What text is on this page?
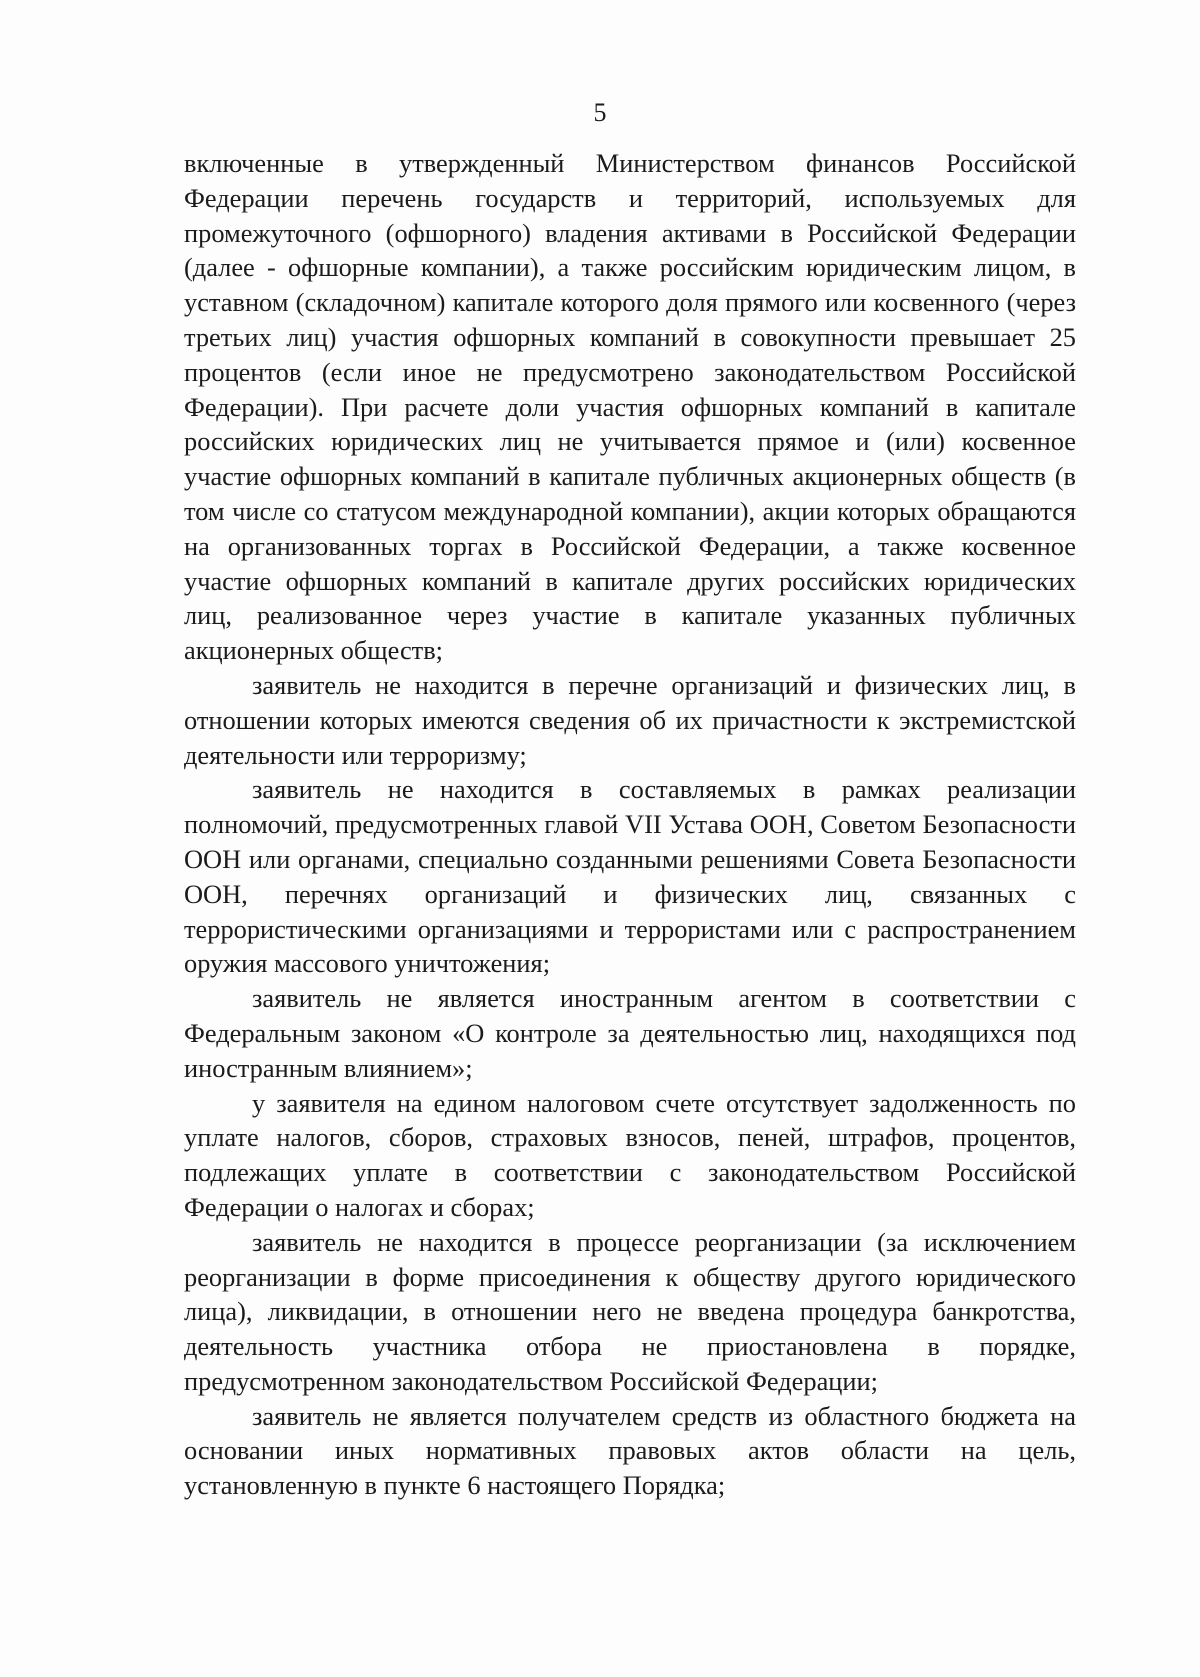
5

включенные в утвержденный Министерством финансов Российской Федерации перечень государств и территорий, используемых для промежуточного (офшорного) владения активами в Российской Федерации (далее - офшорные компании), а также российским юридическим лицом, в уставном (складочном) капитале которого доля прямого или косвенного (через третьих лиц) участия офшорных компаний в совокупности превышает 25 процентов (если иное не предусмотрено законодательством Российской Федерации). При расчете доли участия офшорных компаний в капитале российских юридических лиц не учитывается прямое и (или) косвенное участие офшорных компаний в капитале публичных акционерных обществ (в том числе со статусом международной компании), акции которых обращаются на организованных торгах в Российской Федерации, а также косвенное участие офшорных компаний в капитале других российских юридических лиц, реализованное через участие в капитале указанных публичных акционерных обществ;

заявитель не находится в перечне организаций и физических лиц, в отношении которых имеются сведения об их причастности к экстремистской деятельности или терроризму;

заявитель не находится в составляемых в рамках реализации полномочий, предусмотренных главой VII Устава ООН, Советом Безопасности ООН или органами, специально созданными решениями Совета Безопасности ООН, перечнях организаций и физических лиц, связанных с террористическими организациями и террористами или с распространением оружия массового уничтожения;

заявитель не является иностранным агентом в соответствии с Федеральным законом «О контроле за деятельностью лиц, находящихся под иностранным влиянием»;

у заявителя на едином налоговом счете отсутствует задолженность по уплате налогов, сборов, страховых взносов, пеней, штрафов, процентов, подлежащих уплате в соответствии с законодательством Российской Федерации о налогах и сборах;

заявитель не находится в процессе реорганизации (за исключением реорганизации в форме присоединения к обществу другого юридического лица), ликвидации, в отношении него не введена процедура банкротства, деятельность участника отбора не приостановлена в порядке, предусмотренном законодательством Российской Федерации;

заявитель не является получателем средств из областного бюджета на основании иных нормативных правовых актов области на цель, установленную в пункте 6 настоящего Порядка;
